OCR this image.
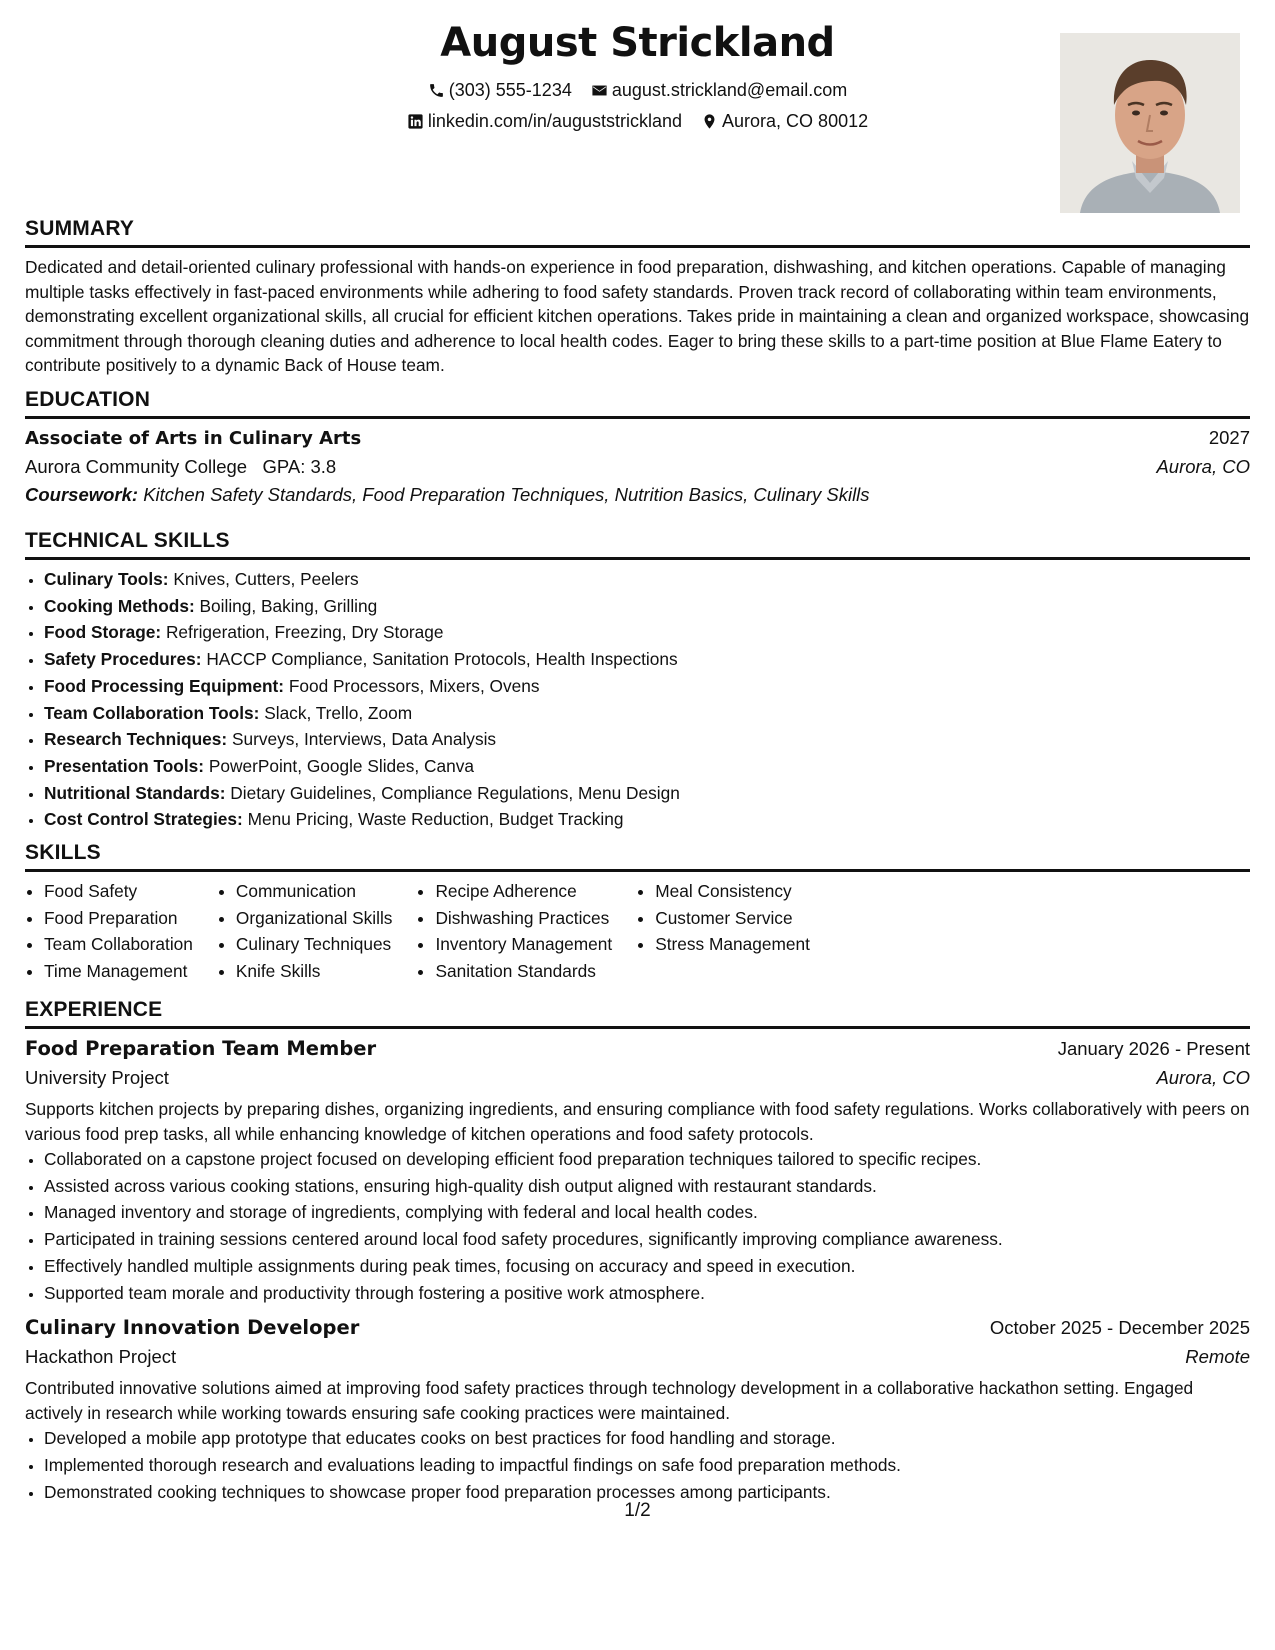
August Strickland
(303) 555-1234
august.strickland@email.com
linkedin.com/in/auguststrickland
Aurora, CO 80012
SUMMARY

Dedicated and detail-oriented culinary professional with hands-on experience in food preparation, dishwashing, and kitchen operations. Capable of managing multiple tasks effectively in fast-paced environments while adhering to food safety standards. Proven track record of collaborating within team environments, demonstrating excellent organizational skills, all crucial for efficient kitchen operations. Takes pride in maintaining a clean and organized workspace, showcasing commitment through thorough cleaning duties and adherence to local health codes. Eager to bring these skills to a part-time position at Blue Flame Eatery to contribute positively to a dynamic Back of House team.

EDUCATION
Associate of Arts in Culinary Arts	2027
Aurora Community College GPA: 3.8	Aurora, CO
Coursework: Kitchen Safety Standards, Food Preparation Techniques, Nutrition Basics, Culinary Skills
TECHNICAL SKILLS
• Culinary Tools: Knives, Cutters, Peelers
• Cooking Methods: Boiling, Baking, Grilling
• Food Storage: Refrigeration, Freezing, Dry Storage
• Safety Procedures: HACCP Compliance, Sanitation Protocols, Health Inspections
• Food Processing Equipment: Food Processors, Mixers, Ovens
• Team Collaboration Tools: Slack, Trello, Zoom
• Research Techniques: Surveys, Interviews, Data Analysis
• Presentation Tools: PowerPoint, Google Slides, Canva
• Nutritional Standards: Dietary Guidelines, Compliance Regulations, Menu Design
• Cost Control Strategies: Menu Pricing, Waste Reduction, Budget Tracking
SKILLS
• Food Safety
• Food Preparation
• Team Collaboration
• Time Management
• Communication
• Organizational Skills
• Culinary Techniques
• Knife Skills
• Recipe Adherence
• Dishwashing Practices
• Inventory Management
• Sanitation Standards
• Meal Consistency
• Customer Service
• Stress Management
EXPERIENCE
Food Preparation Team Member	January 2026 - Present
University Project	Aurora, CO

Supports kitchen projects by preparing dishes, organizing ingredients, and ensuring compliance with food safety regulations. Works collaboratively with peers on various food prep tasks, all while enhancing knowledge of kitchen operations and food safety protocols.

• Collaborated on a capstone project focused on developing efficient food preparation techniques tailored to specific recipes.
• Assisted across various cooking stations, ensuring high-quality dish output aligned with restaurant standards.
• Managed inventory and storage of ingredients, complying with federal and local health codes.
• Participated in training sessions centered around local food safety procedures, significantly improving compliance awareness.
• Effectively handled multiple assignments during peak times, focusing on accuracy and speed in execution.
• Supported team morale and productivity through fostering a positive work atmosphere.
Culinary Innovation Developer	October 2025 - December 2025
Hackathon Project	Remote

Contributed innovative solutions aimed at improving food safety practices through technology development in a collaborative hackathon setting. Engaged actively in research while working towards ensuring safe cooking practices were maintained.

• Developed a mobile app prototype that educates cooks on best practices for food handling and storage.
• Implemented thorough research and evaluations leading to impactful findings on safe food preparation methods.
• Demonstrated cooking techniques to showcase proper food preparation processes among participants.
1/2
